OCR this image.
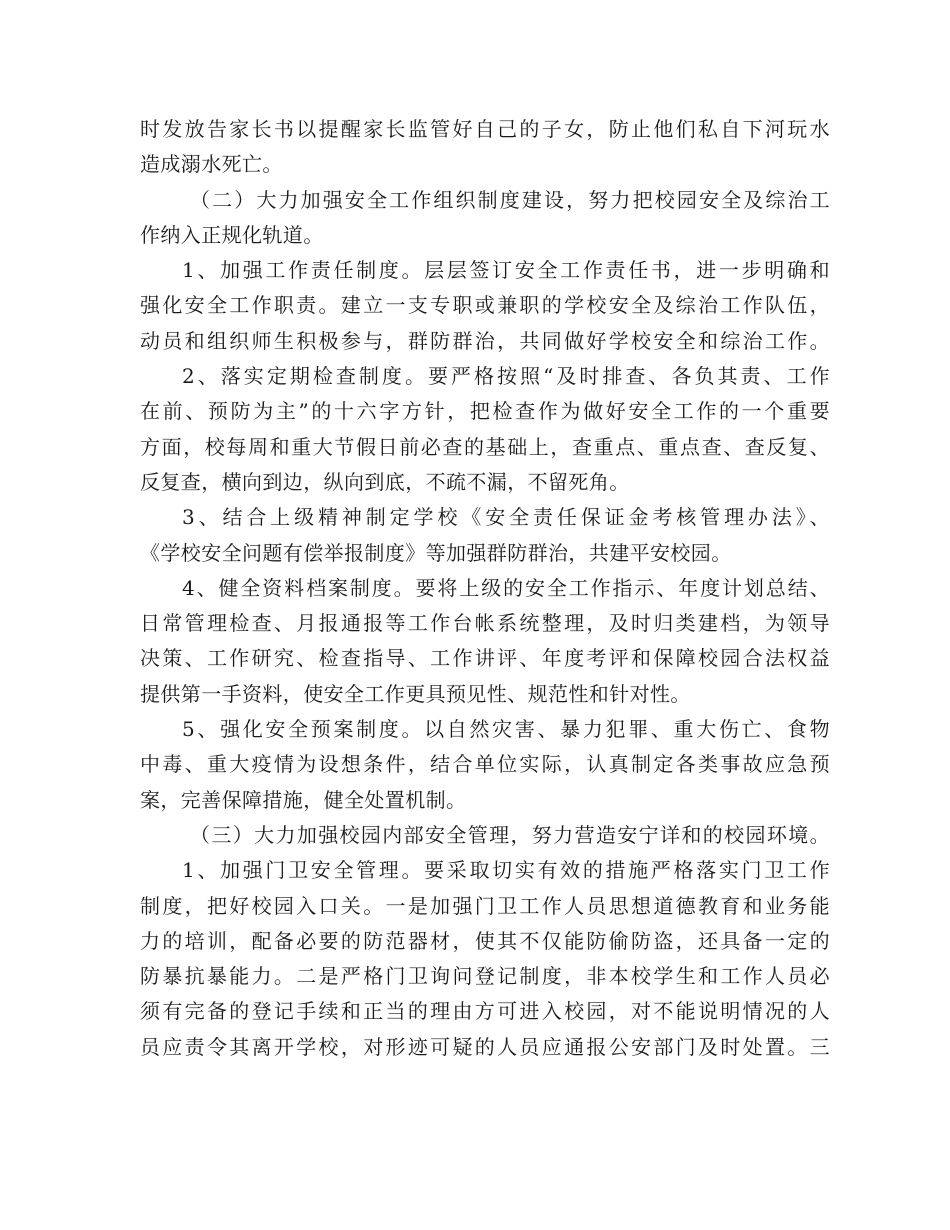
时发放告家长书以提醒家长监管好自己的子女，防止他们私自下河玩水
造成溺水死亡。
（二）大力加强安全工作组织制度建设，努力把校园安全及综治工
作纳入正规化轨道。
1、加强工作责任制度。层层签订安全工作责任书，进一步明确和
强化安全工作职责。建立一支专职或兼职的学校安全及综治工作队伍，
动员和组织师生积极参与，群防群治，共同做好学校安全和综治工作。
2、落实定期检查制度。要严格按照“及时排查、各负其责、工作
在前、预防为主”的十六字方针，把检查作为做好安全工作的一个重要
方面，校每周和重大节假日前必查的基础上，查重点、重点查、查反复、
反复查，横向到边，纵向到底，不疏不漏，不留死角。
3、结合上级精神制定学校《安全责任保证金考核管理办法》、
《学校安全问题有偿举报制度》等加强群防群治，共建平安校园。
4、健全资料档案制度。要将上级的安全工作指示、年度计划总结、
日常管理检查、月报通报等工作台帐系统整理，及时归类建档，为领导
决策、工作研究、检查指导、工作讲评、年度考评和保障校园合法权益
提供第一手资料，使安全工作更具预见性、规范性和针对性。
5、强化安全预案制度。以自然灾害、暴力犯罪、重大伤亡、食物
中毒、重大疫情为设想条件，结合单位实际，认真制定各类事故应急预
案，完善保障措施，健全处置机制。
（三）大力加强校园内部安全管理，努力营造安宁详和的校园环境。
1、加强门卫安全管理。要采取切实有效的措施严格落实门卫工作
制度，把好校园入口关。一是加强门卫工作人员思想道德教育和业务能
力的培训，配备必要的防范器材，使其不仅能防偷防盗，还具备一定的
防暴抗暴能力。二是严格门卫询问登记制度，非本校学生和工作人员必
须有完备的登记手续和正当的理由方可进入校园，对不能说明情况的人
员应责令其离开学校，对形迹可疑的人员应通报公安部门及时处置。三
